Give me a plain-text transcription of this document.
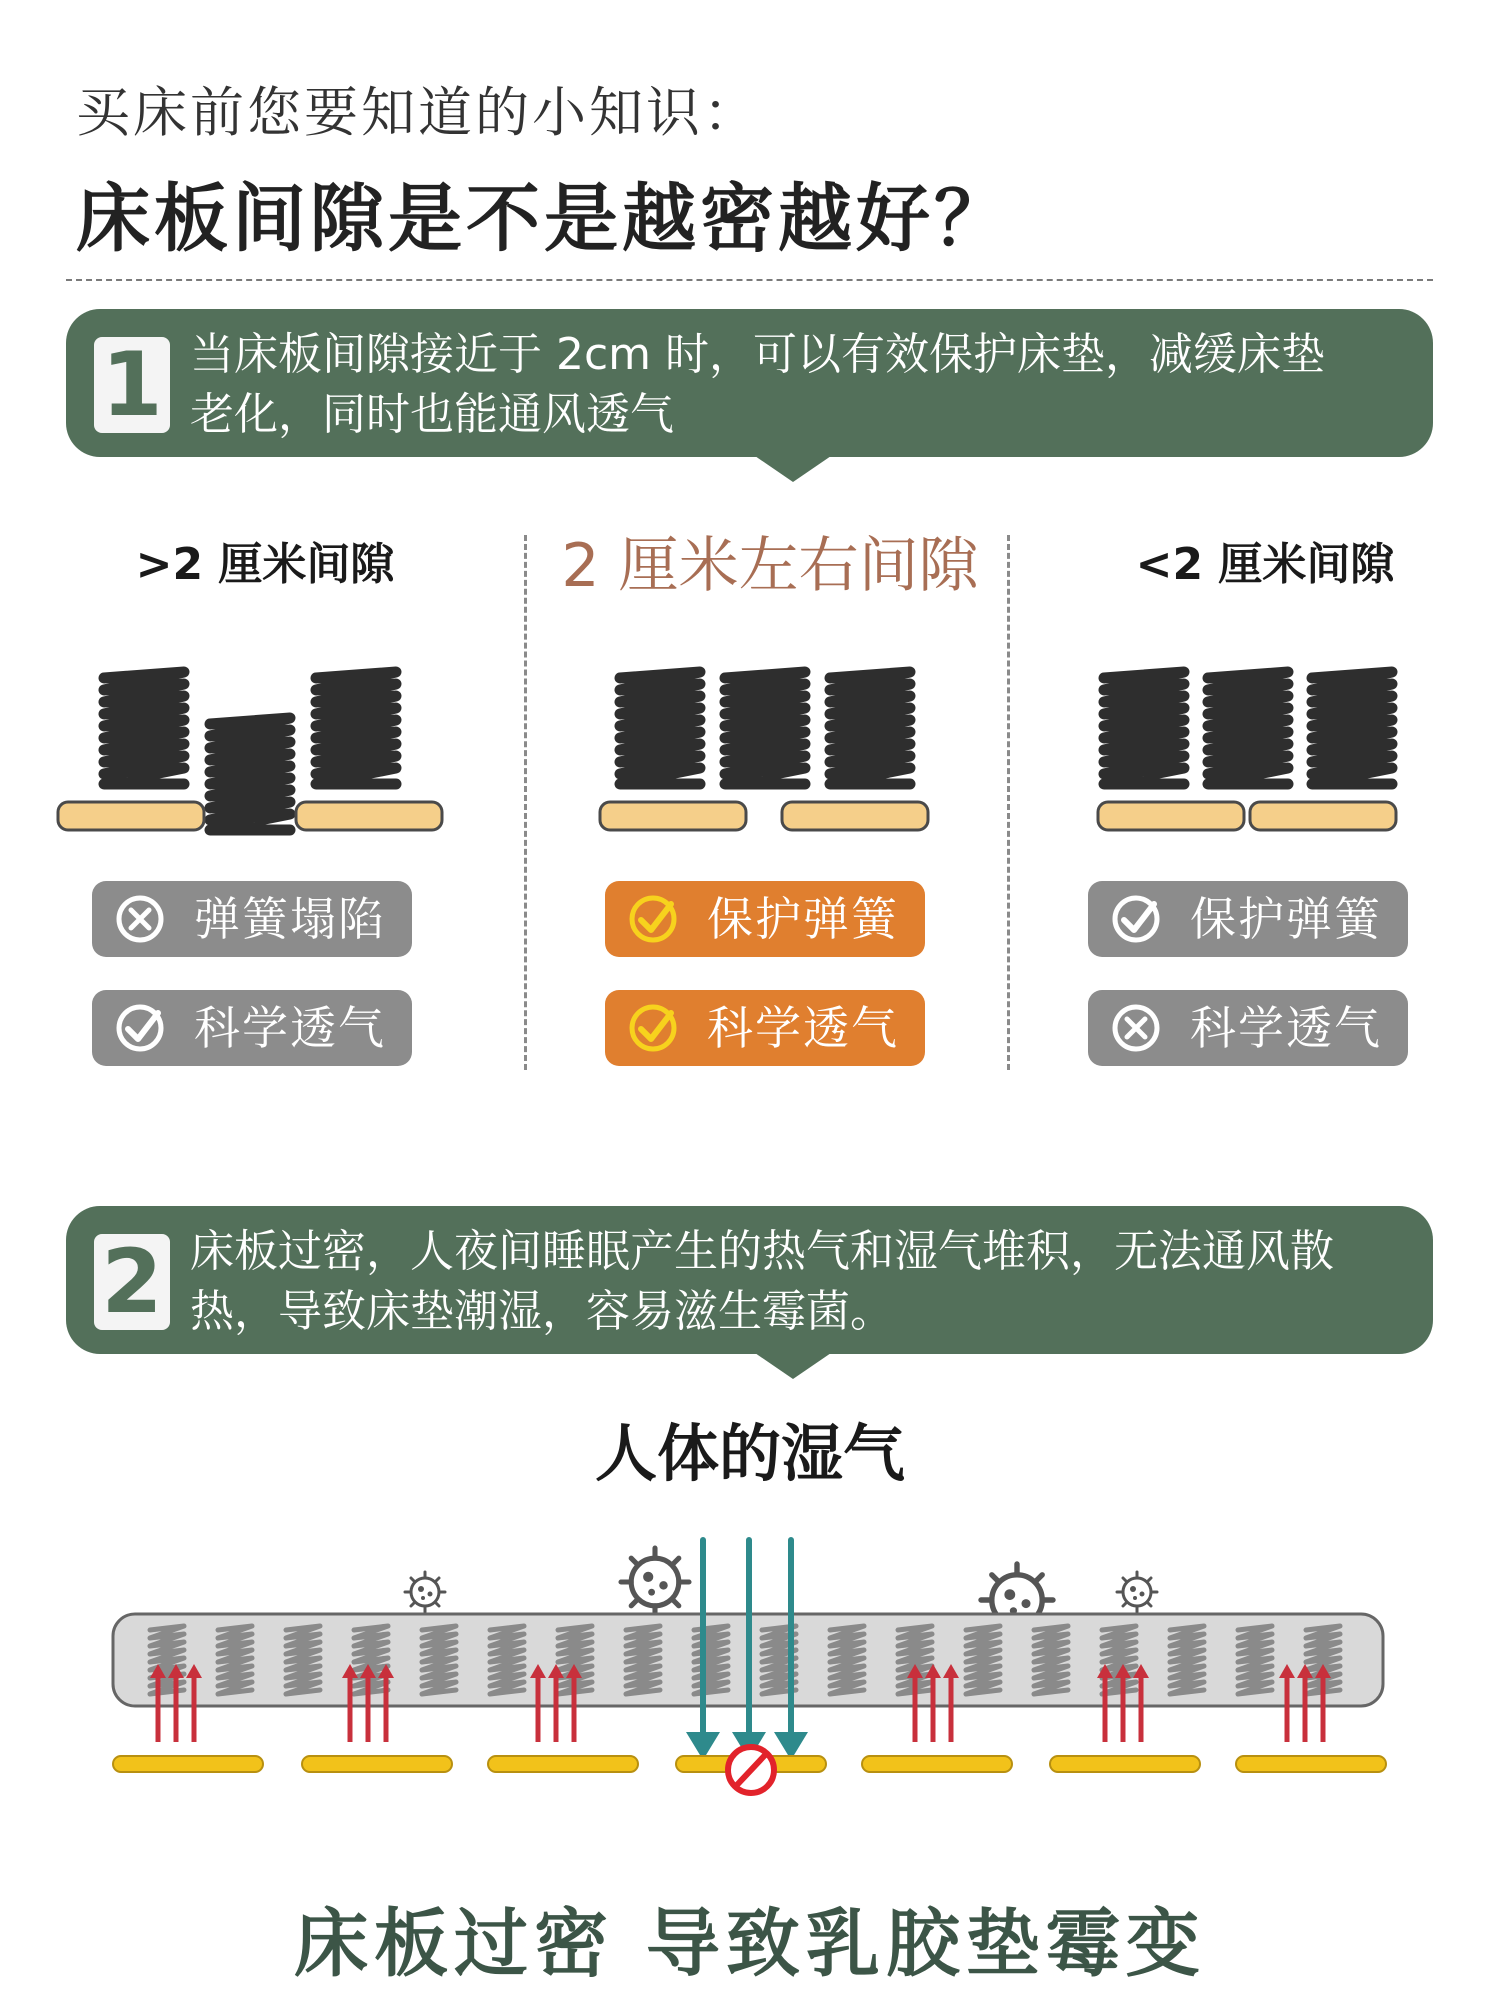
买床前您要知道的小知识：
床板间隙是不是越密越好？
1 当床板间隙接近于 2cm 时，可以有效保护床垫，减缓床垫
老化，同时也能通风透气
>2 厘米间隙	2 厘米左右间隙	<2 厘米间隙
弹簧塌陷
科学透气
保护弹簧
科学透气
保护弹簧
科学透气
2 床板过密，人夜间睡眠产生的热气和湿气堆积，无法通风散
热，导致床垫潮湿，容易滋生霉菌。
人体的湿气
床板过密 导致乳胶垫霉变
